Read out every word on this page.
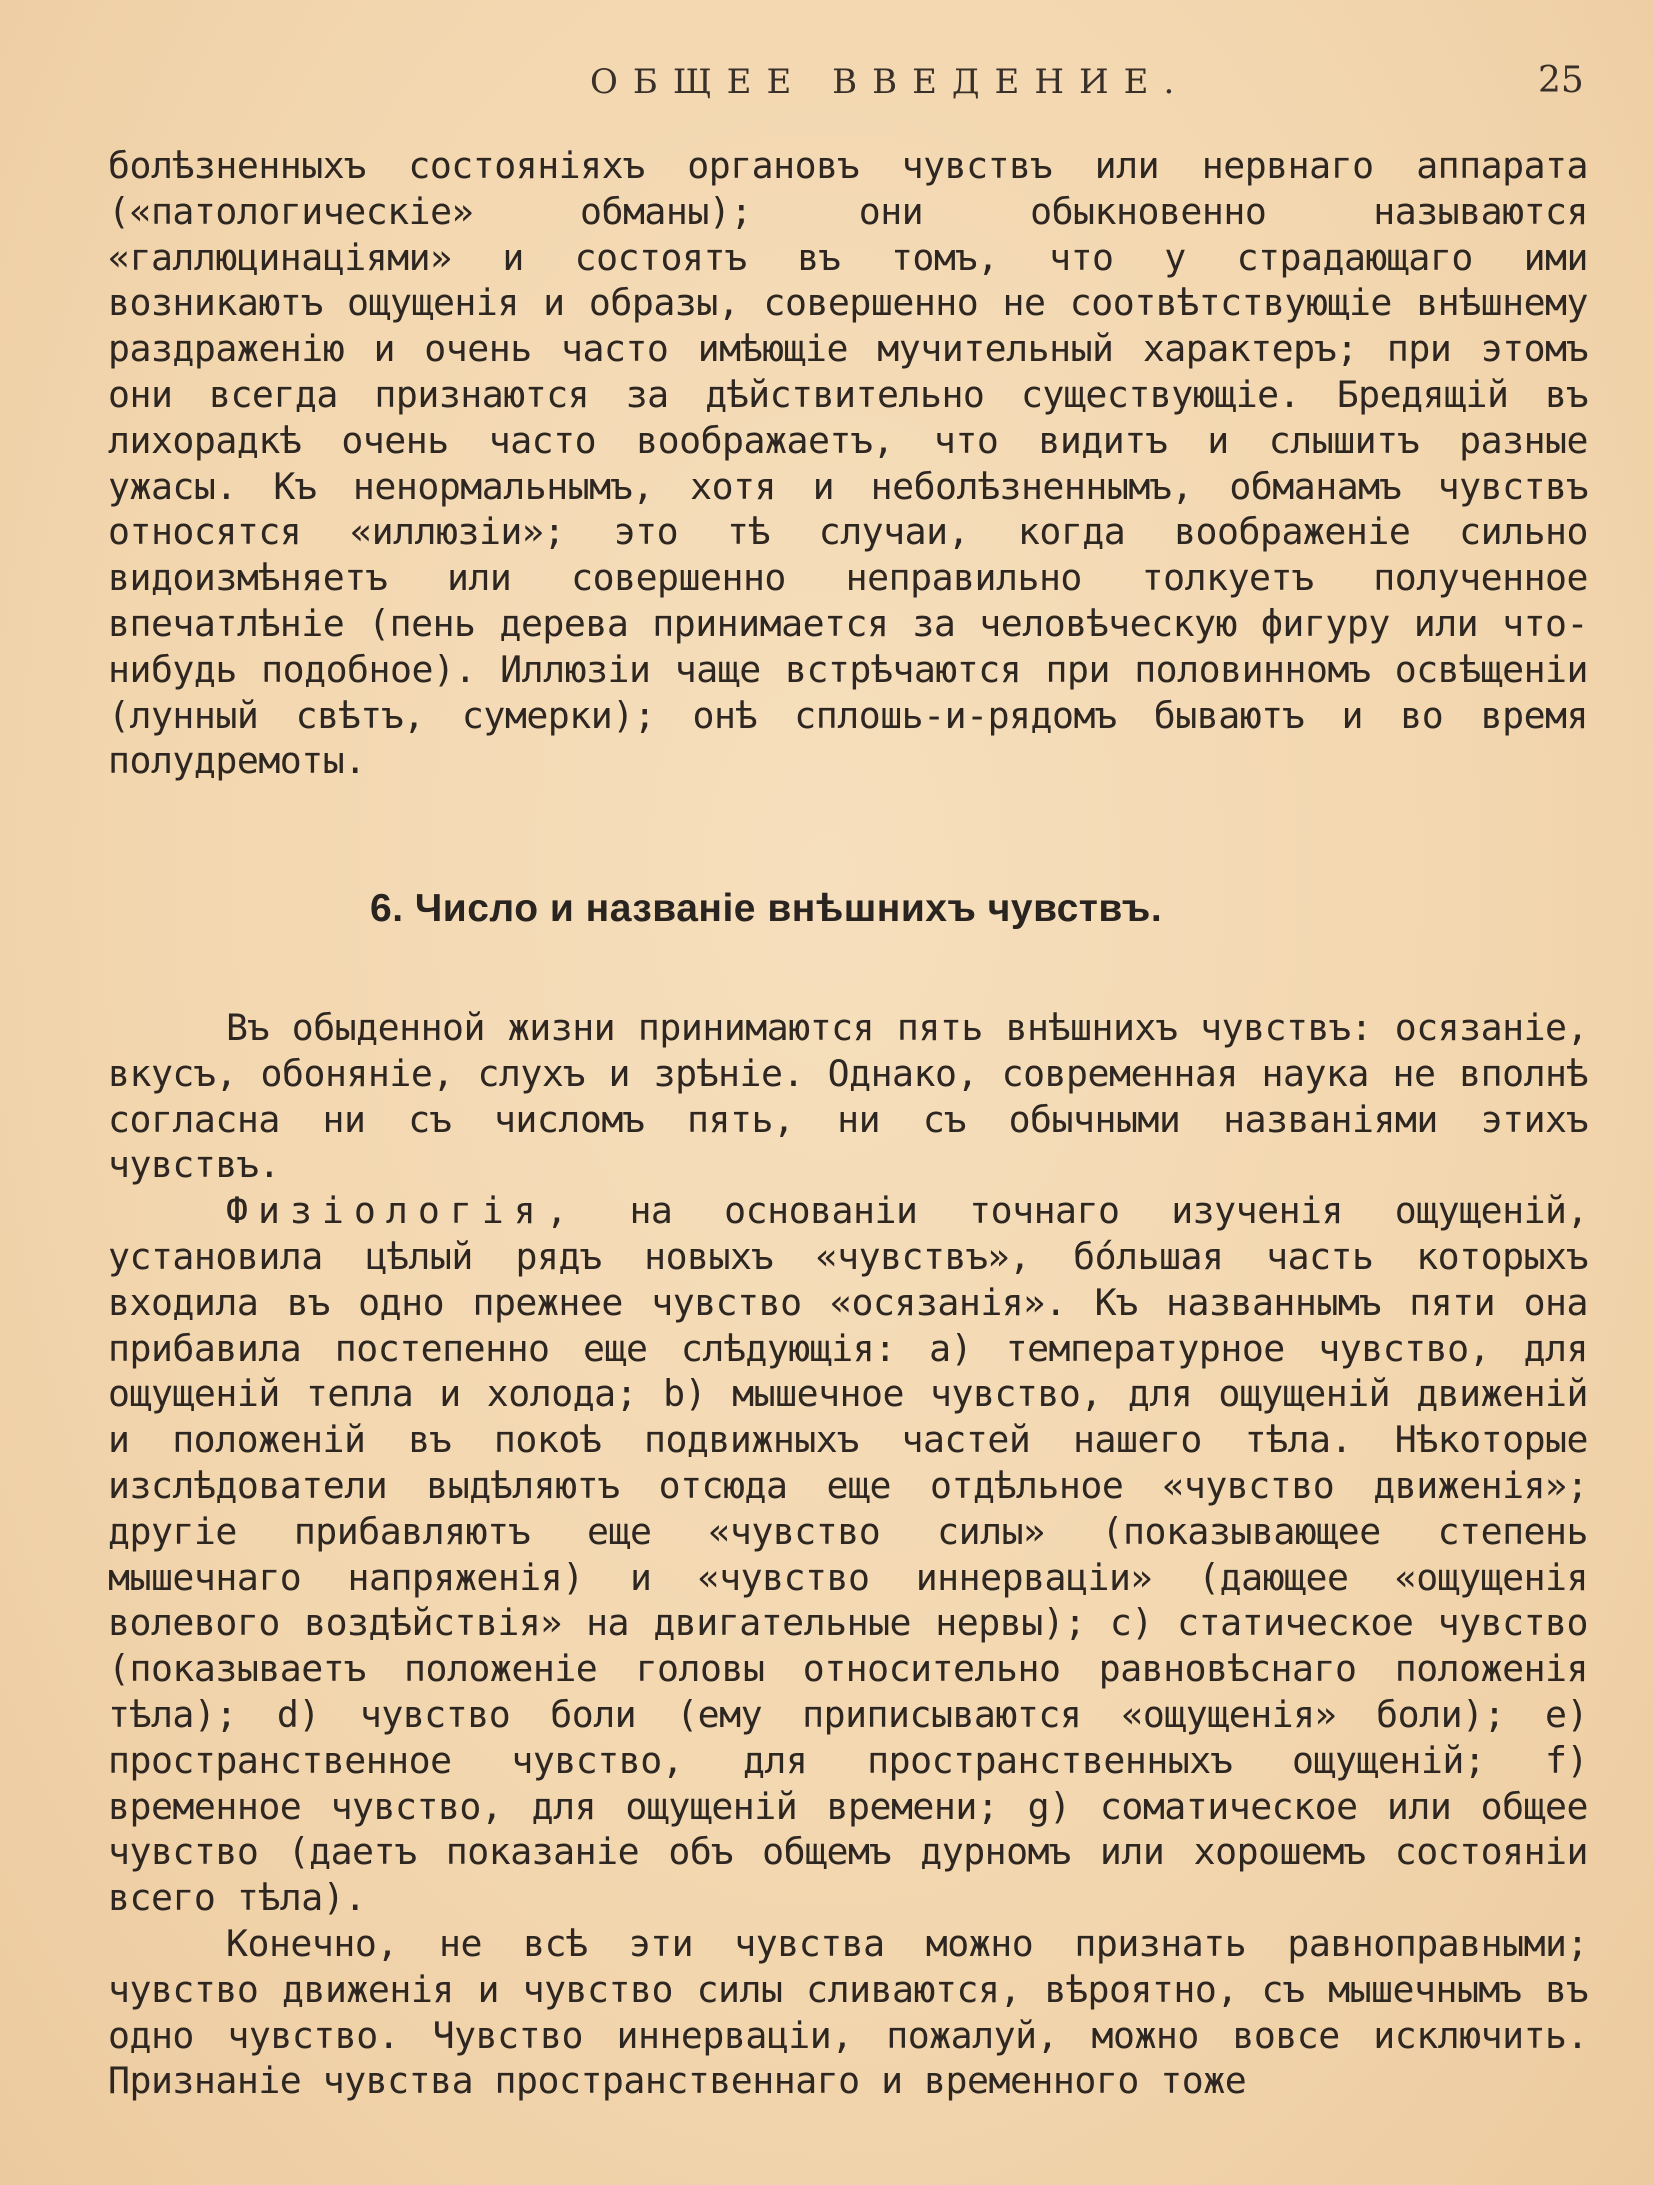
ОБЩЕЕ ВВЕДЕНИЕ.	25

болѣзненныхъ состояніяхъ органовъ чувствъ или нервнаго аппарата («патологическіе» обманы); они обыкновенно называются «галлюцинаціями» и состоятъ въ томъ, что у страдающаго ими возникаютъ ощущенія и образы, совершенно не соотвѣтствующіе внѣшнему раздраженію и очень часто имѣющіе мучительный характеръ; при этомъ они всегда признаются за дѣйствительно существующіе. Бредящій въ лихорадкѣ очень часто воображаетъ, что видитъ и слышитъ разные ужасы. Къ ненормальнымъ, хотя и неболѣзненнымъ, обманамъ чувствъ относятся «иллюзіи»; это тѣ случаи, когда воображеніе сильно видоизмѣняетъ или совершенно неправильно толкуетъ полученное впечатлѣніе (пень дерева принимается за человѣческую фигуру или что-нибудь подобное). Иллюзіи чаще встрѣчаются при половинномъ освѣщеніи (лунный свѣтъ, сумерки); онѣ сплошь-и-рядомъ бываютъ и во время полудремоты.

6. Число и названіе внѣшнихъ чувствъ.

Въ обыденной жизни принимаются пять внѣшнихъ чувствъ: осязаніе, вкусъ, обоняніе, слухъ и зрѣніе. Однако, современная наука не вполнѣ согласна ни съ числомъ пять, ни съ обычными названіями этихъ чувствъ.

Физіологія, на основаніи точнаго изученія ощущеній, установила цѣлый рядъ новыхъ «чувствъ», бо́льшая часть которыхъ входила въ одно прежнее чувство «осязанія». Къ названнымъ пяти она прибавила постепенно еще слѣдующія: a) температурное чувство, для ощущеній тепла и холода; b) мышечное чувство, для ощущеній движеній и положеній въ покоѣ подвижныхъ частей нашего тѣла. Нѣкоторые изслѣдователи выдѣляютъ отсюда еще отдѣльное «чувство движенія»; другіе прибавляютъ еще «чувство силы» (показывающее степень мышечнаго напряженія) и «чувство иннерваціи» (дающее «ощущенія волевого воздѣйствія» на двигательные нервы); c) статическое чувство (показываетъ положеніе головы относительно равновѣснаго положенія тѣла); d) чувство боли (ему приписываются «ощущенія» боли); e) пространственное чувство, для пространственныхъ ощущеній; f) временное чувство, для ощущеній времени; g) соматическое или общее чувство (даетъ показаніе объ общемъ дурномъ или хорошемъ состояніи всего тѣла).

Конечно, не всѣ эти чувства можно признать равноправными; чувство движенія и чувство силы сливаются, вѣроятно, съ мышечнымъ въ одно чувство. Чувство иннерваціи, пожалуй, можно вовсе исключить. Признаніе чувства пространственнаго и временного тоже
